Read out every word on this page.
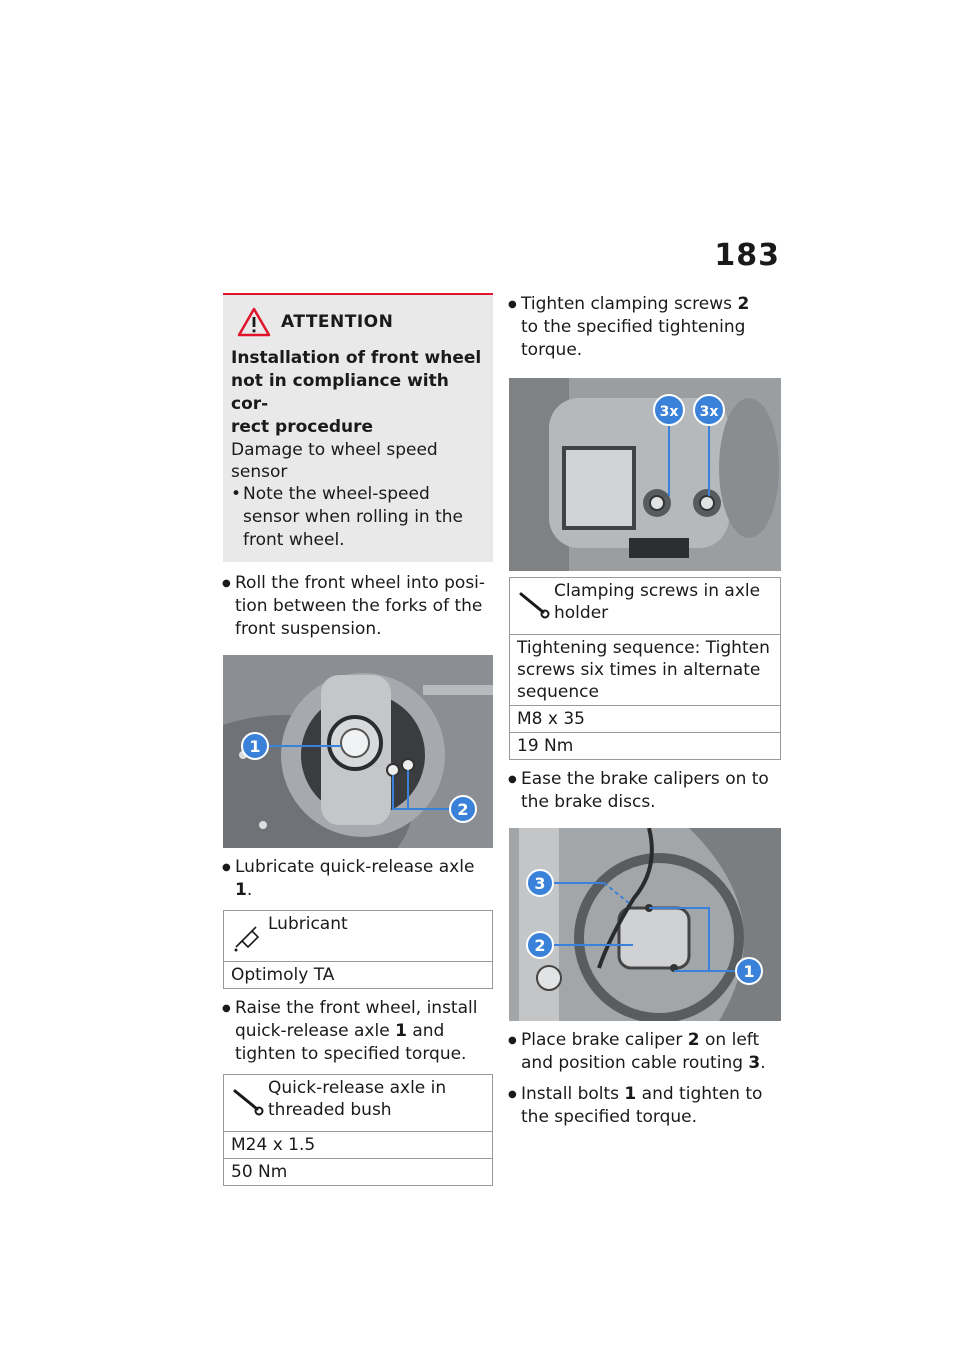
183
ATTENTION
Installation of front wheel
not in compliance with cor-
rect procedure
Damage to wheel speed
sensor
• Note the wheel-speed
sensor when rolling in the
front wheel.
● Roll the front wheel into posi-
tion between the forks of the
front suspension.
1
2
● Lubricate quick-release axle 1.
Lubricant
Optimoly TA
● Raise the front wheel, install
quick-release axle 1 and
tighten to specified torque.
Quick-release axle in
threaded bush

M24 x 1.5
50 Nm
● Tighten clamping screws 2
to the specified tightening
torque.
3x 3x
Clamping screws in axle
holder

Tightening sequence: Tighten
screws six times in alternate
sequence

M8 x 35
19 Nm
● Ease the brake calipers on to
the brake discs.
3
2
1
● Place brake caliper 2 on left
and position cable routing 3.
● Install bolts 1 and tighten to
the specified torque.
